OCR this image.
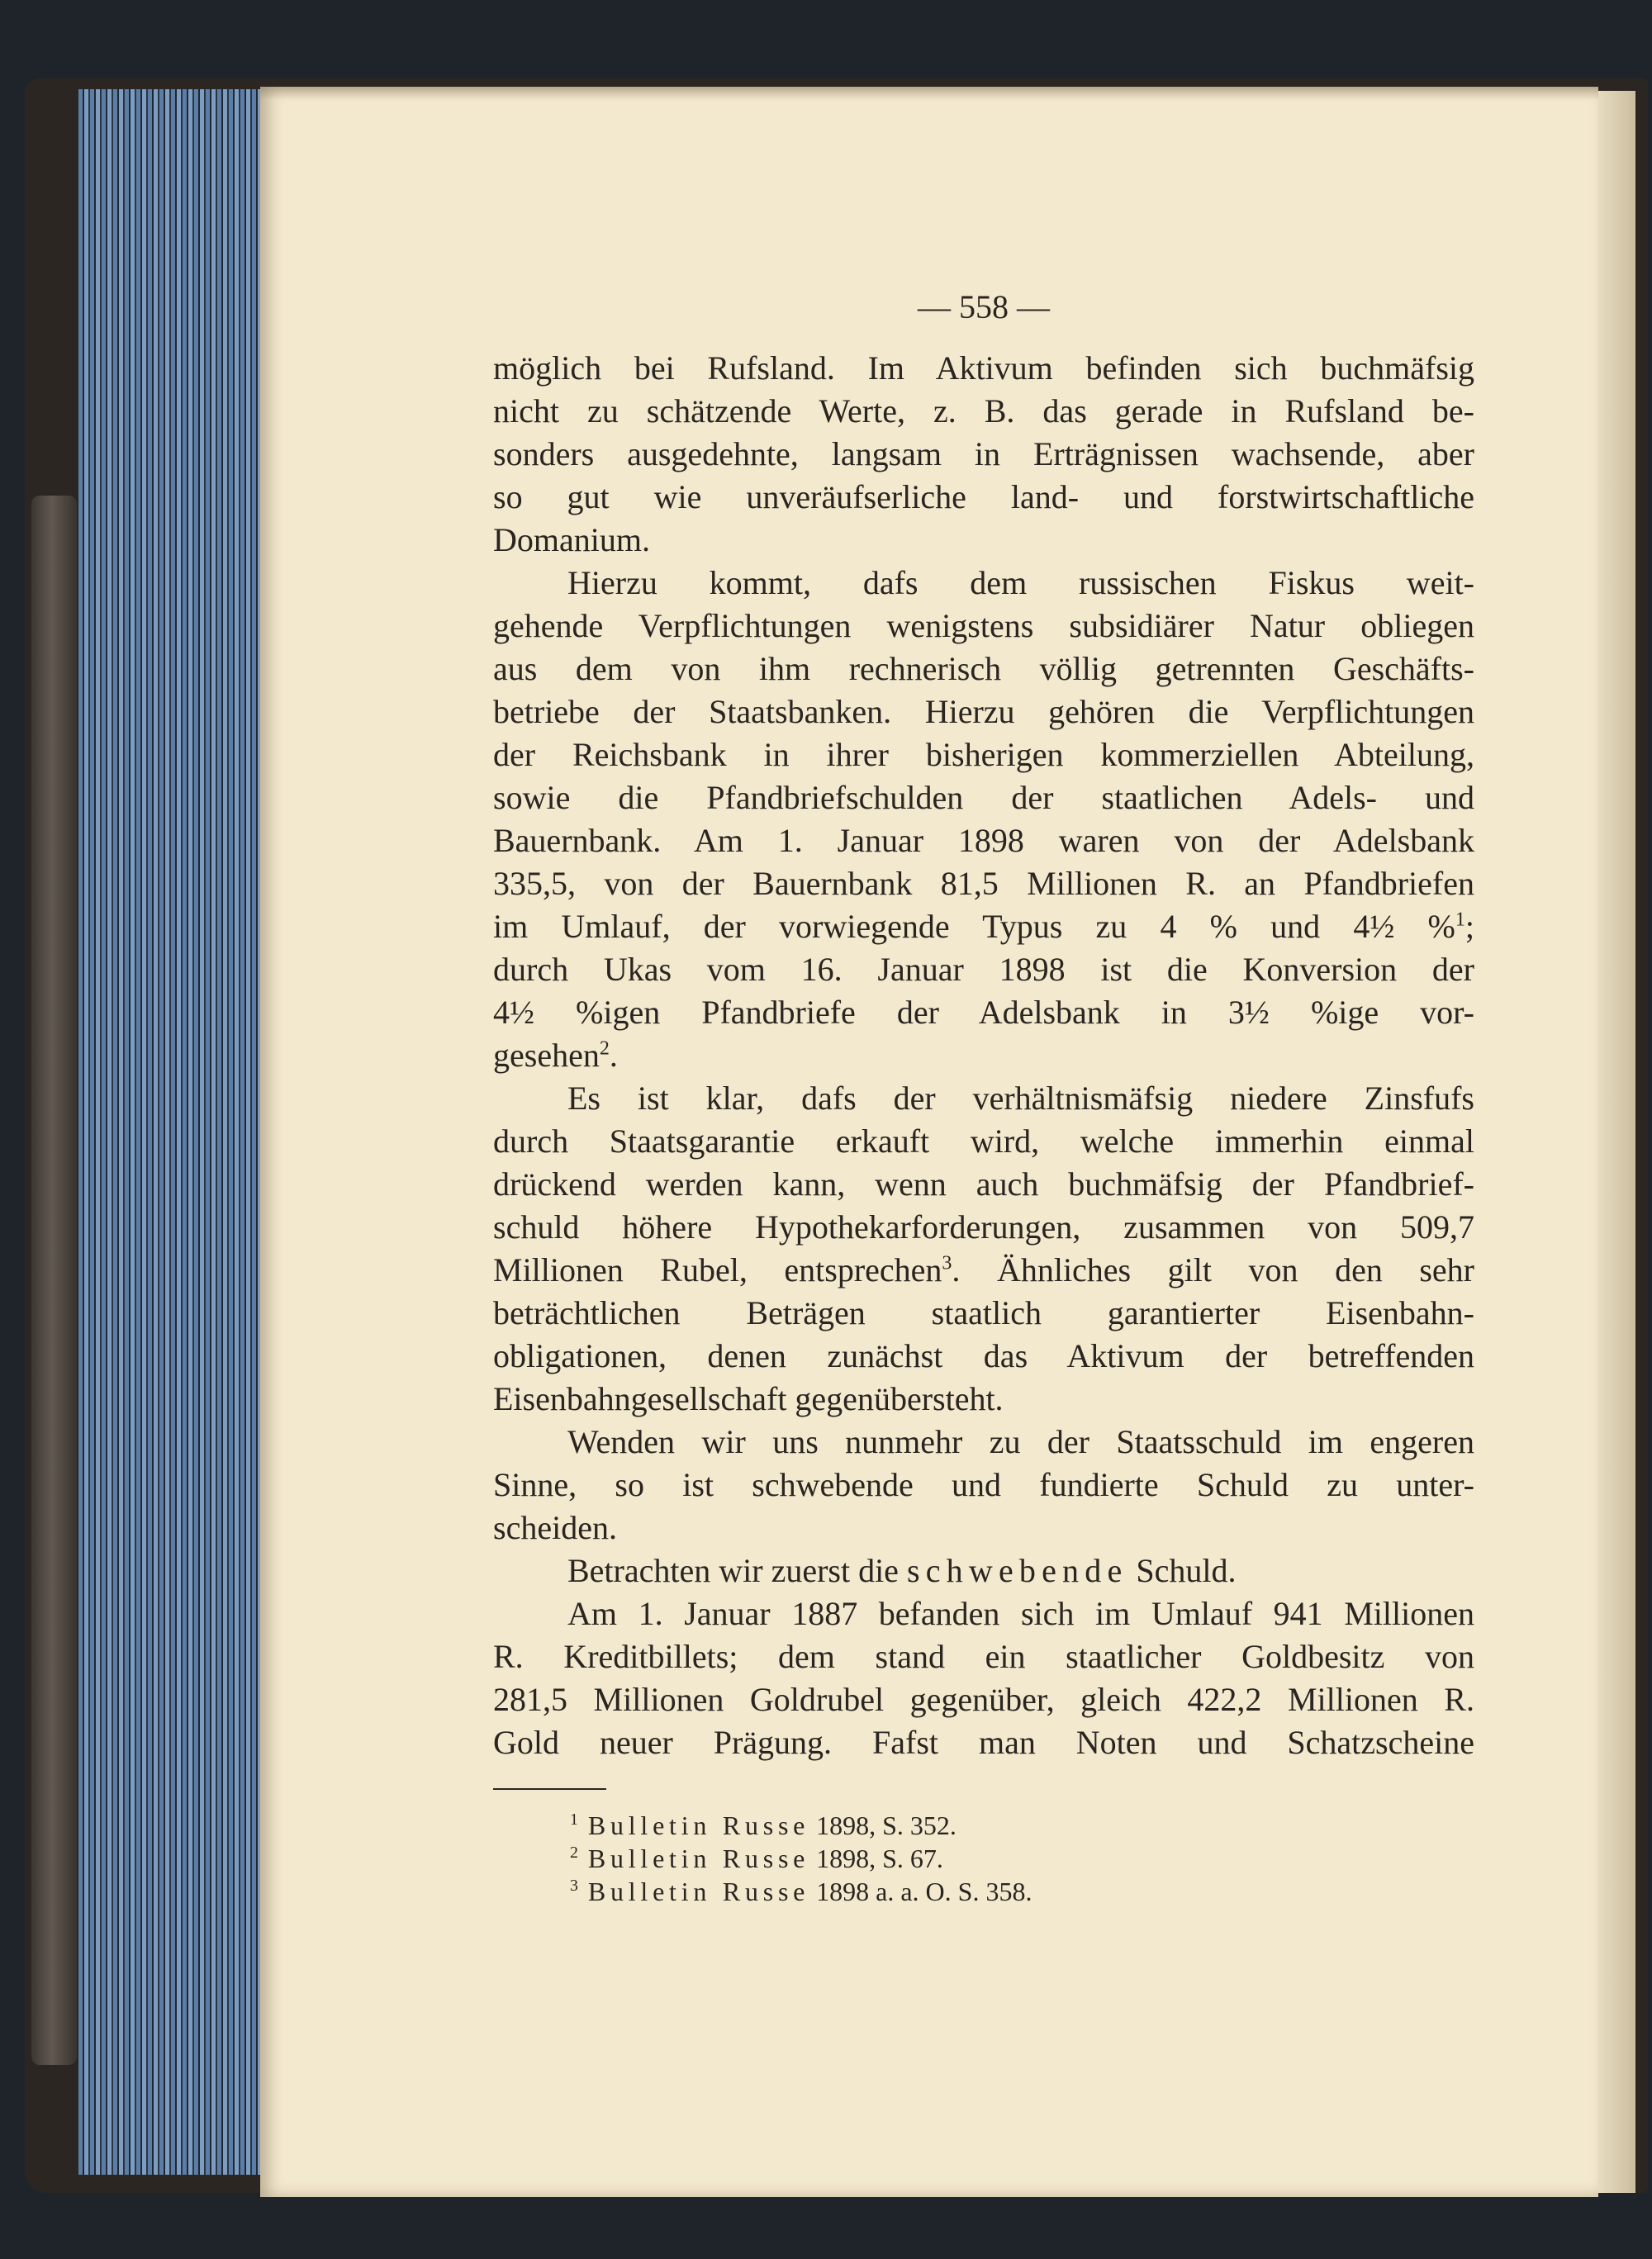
— 558 —
möglich bei Rufsland. Im Aktivum befinden sich buchmäfsig
nicht zu schätzende Werte, z. B. das gerade in Rufsland be-
sonders ausgedehnte, langsam in Erträgnissen wachsende, aber
so gut wie unveräufserliche land- und forstwirtschaftliche
Domanium.
Hierzu kommt, dafs dem russischen Fiskus weit-
gehende Verpflichtungen wenigstens subsidiärer Natur obliegen
aus dem von ihm rechnerisch völlig getrennten Geschäfts-
betriebe der Staatsbanken. Hierzu gehören die Verpflichtungen
der Reichsbank in ihrer bisherigen kommerziellen Abteilung,
sowie die Pfandbriefschulden der staatlichen Adels- und
Bauernbank. Am 1. Januar 1898 waren von der Adelsbank
335,5, von der Bauernbank 81,5 Millionen R. an Pfandbriefen
im Umlauf, der vorwiegende Typus zu 4 % und 4½ %$^1$;
durch Ukas vom 16. Januar 1898 ist die Konversion der
4½ %igen Pfandbriefe der Adelsbank in 3½ %ige vor-
gesehen$^2$.
Es ist klar, dafs der verhältnismäfsig niedere Zinsfufs
durch Staatsgarantie erkauft wird, welche immerhin einmal
drückend werden kann, wenn auch buchmäfsig der Pfandbrief-
schuld höhere Hypothekarforderungen, zusammen von 509,7
Millionen Rubel, entsprechen$^3$. Ähnliches gilt von den sehr
beträchtlichen Beträgen staatlich garantierter Eisenbahn-
obligationen, denen zunächst das Aktivum der betreffenden
Eisenbahngesellschaft gegenübersteht.
Wenden wir uns nunmehr zu der Staatsschuld im engeren
Sinne, so ist schwebende und fundierte Schuld zu unter-
scheiden.
Betrachten wir zuerst die schwebende Schuld.
Am 1. Januar 1887 befanden sich im Umlauf 941 Millionen
R. Kreditbillets; dem stand ein staatlicher Goldbesitz von
281,5 Millionen Goldrubel gegenüber, gleich 422,2 Millionen R.
Gold neuer Prägung. Fafst man Noten und Schatzscheine
$^1$ Bulletin Russe 1898, S. 352.
$^2$ Bulletin Russe 1898, S. 67.
$^3$ Bulletin Russe 1898 a. a. O. S. 358.
